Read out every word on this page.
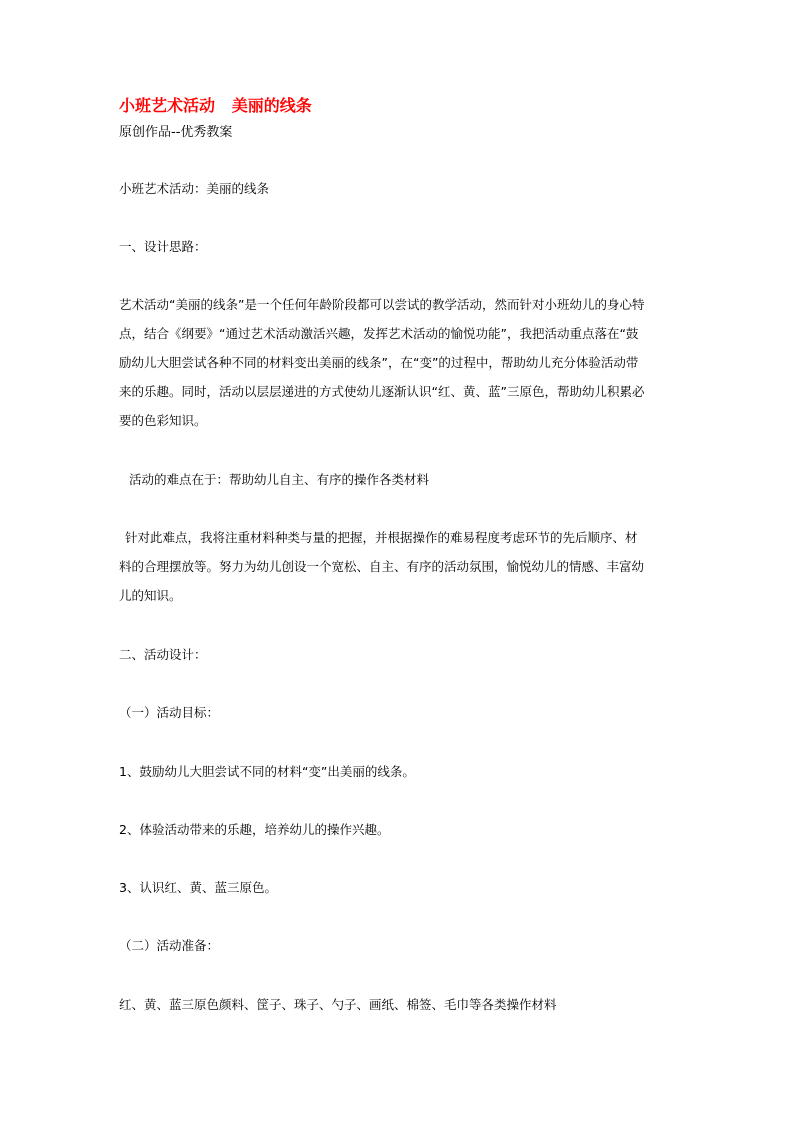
小班艺术活动   美丽的线条
原创作品--优秀教案
小班艺术活动：美丽的线条
一、设计思路：
艺术活动“美丽的线条”是一个任何年龄阶段都可以尝试的教学活动，然而针对小班幼儿的身心特
点，结合《纲要》“通过艺术活动激活兴趣，发挥艺术活动的愉悦功能”，我把活动重点落在“鼓
励幼儿大胆尝试各种不同的材料变出美丽的线条”，在“变”的过程中，帮助幼儿充分体验活动带
来的乐趣。同时，活动以层层递进的方式使幼儿逐渐认识“红、黄、蓝”三原色，帮助幼儿积累必
要的色彩知识。
活动的难点在于：帮助幼儿自主、有序的操作各类材料
针对此难点，我将注重材料种类与量的把握，并根据操作的难易程度考虑环节的先后顺序、材
料的合理摆放等。努力为幼儿创设一个宽松、自主、有序的活动氛围，愉悦幼儿的情感、丰富幼
儿的知识。
二、活动设计：
（一）活动目标：
1、鼓励幼儿大胆尝试不同的材料“变”出美丽的线条。
2、体验活动带来的乐趣，培养幼儿的操作兴趣。
3、认识红、黄、蓝三原色。
（二）活动准备：
红、黄、蓝三原色颜料、筐子、珠子、勺子、画纸、棉签、毛巾等各类操作材料
